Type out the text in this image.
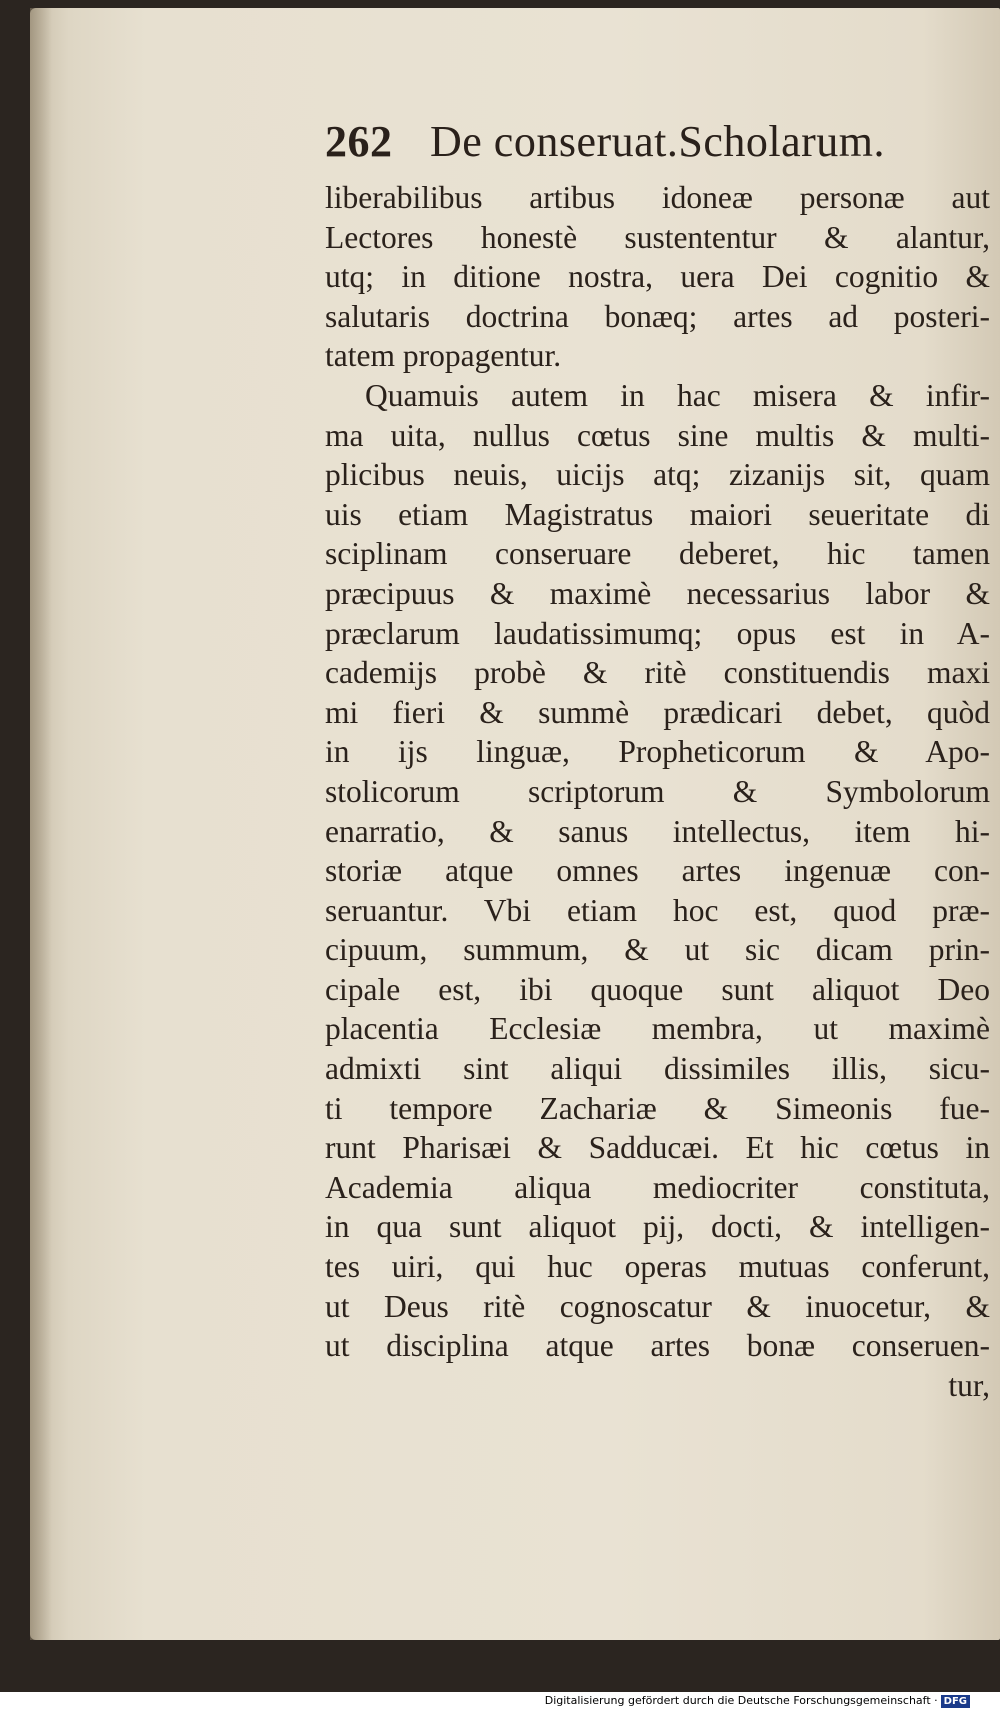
262 De conseruat.Scholarum.
liberabilibus artibus idoneæ personæ aut
Lectores honestè sustententur & alantur,
utq; in ditione nostra, uera Dei cognitio &
salutaris doctrina bonæq; artes ad posteri-
tatem propagentur.
Quamuis autem in hac misera & infir-
ma uita, nullus cœtus sine multis & multi-
plicibus neuis, uicijs atq; zizanijs sit, quam
uis etiam Magistratus maiori seueritate di
sciplinam conseruare deberet, hic tamen
præcipuus & maximè necessarius labor &
præclarum laudatissimumq; opus est in A-
cademijs probè & ritè constituendis maxi
mi fieri & summè prædicari debet, quòd
in ijs linguæ, Propheticorum & Apo-
stolicorum scriptorum & Symbolorum
enarratio, & sanus intellectus, item hi-
storiæ atque omnes artes ingenuæ con-
seruantur. Vbi etiam hoc est, quod præ-
cipuum, summum, & ut sic dicam prin-
cipale est, ibi quoque sunt aliquot Deo
placentia Ecclesiæ membra, ut maximè
admixti sint aliqui dissimiles illis, sicu-
ti tempore Zachariæ & Simeonis fue-
runt Pharisæi & Sadducæi. Et hic cœtus in
Academia aliqua mediocriter constituta,
in qua sunt aliquot pij, docti, & intelligen-
tes uiri, qui huc operas mutuas conferunt,
ut Deus ritè cognoscatur & inuocetur, &
ut disciplina atque artes bonæ conseruen-
tur,
Digitalisierung gefördert durch die Deutsche Forschungsgemeinschaft · DFG
